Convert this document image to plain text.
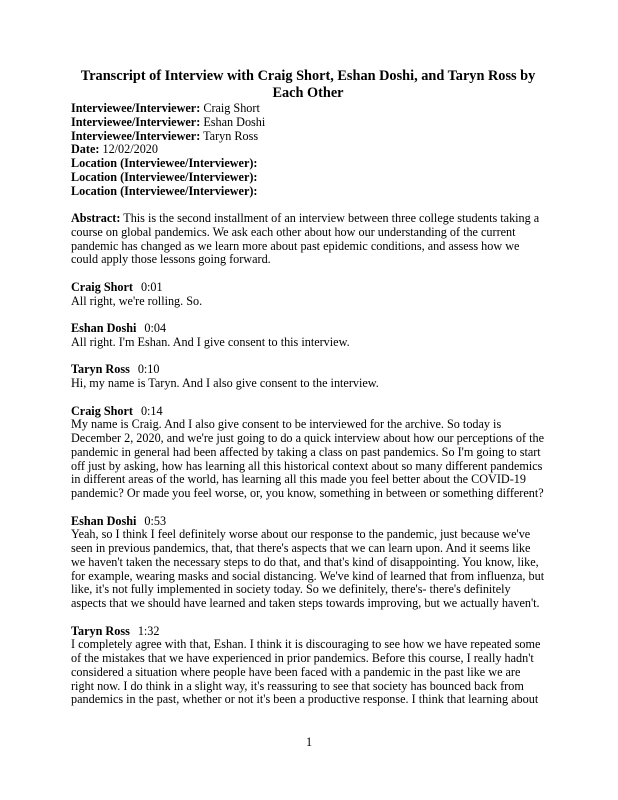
Transcript of Interview with Craig Short, Eshan Doshi, and Taryn Ross by Each Other
Interviewee/Interviewer: Craig Short
Interviewee/Interviewer: Eshan Doshi
Interviewee/Interviewer: Taryn Ross
Date: 12/02/2020
Location (Interviewee/Interviewer):
Location (Interviewee/Interviewer):
Location (Interviewee/Interviewer):

Abstract: This is the second installment of an interview between three college students taking a course on global pandemics. We ask each other about how our understanding of the current pandemic has changed as we learn more about past epidemic conditions, and assess how we could apply those lessons going forward.

Craig Short 0:01
All right, we're rolling. So.
Eshan Doshi 0:04
All right. I'm Eshan. And I give consent to this interview.
Taryn Ross 0:10
Hi, my name is Taryn. And I also give consent to the interview.
Craig Short 0:14
My name is Craig. And I also give consent to be interviewed for the archive. So today is December 2, 2020, and we're just going to do a quick interview about how our perceptions of the pandemic in general had been affected by taking a class on past pandemics. So I'm going to start off just by asking, how has learning all this historical context about so many different pandemics in different areas of the world, has learning all this made you feel better about the COVID-19 pandemic? Or made you feel worse, or, you know, something in between or something different?
Eshan Doshi 0:53
Yeah, so I think I feel definitely worse about our response to the pandemic, just because we've seen in previous pandemics, that, that there's aspects that we can learn upon. And it seems like we haven't taken the necessary steps to do that, and that's kind of disappointing. You know, like, for example, wearing masks and social distancing. We've kind of learned that from influenza, but like, it's not fully implemented in society today. So we definitely, there's- there's definitely aspects that we should have learned and taken steps towards improving, but we actually haven't.
Taryn Ross 1:32
I completely agree with that, Eshan. I think it is discouraging to see how we have repeated some of the mistakes that we have experienced in prior pandemics. Before this course, I really hadn't considered a situation where people have been faced with a pandemic in the past like we are right now. I do think in a slight way, it's reassuring to see that society has bounced back from pandemics in the past, whether or not it's been a productive response. I think that learning about
1
